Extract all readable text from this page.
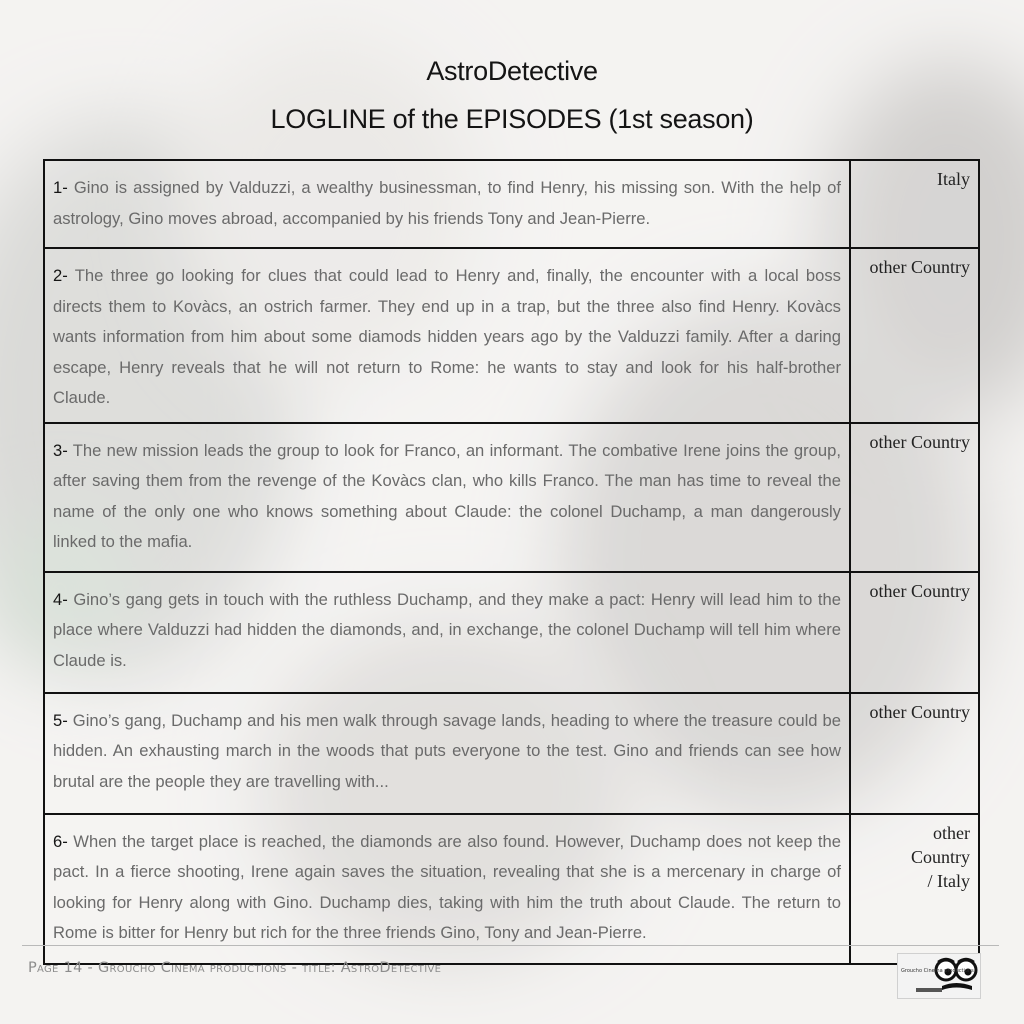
AstroDetective
LOGLINE of the EPISODES (1st season)
1- Gino is assigned by Valduzzi, a wealthy businessman, to find Henry, his missing son. With the help of astrology, Gino moves abroad, accompanied by his friends Tony and Jean-Pierre.	Italy
2- The three go looking for clues that could lead to Henry and, finally, the encounter with a local boss directs them to Kovàcs, an ostrich farmer. They end up in a trap, but the three also find Henry. Kovàcs wants information from him about some diamods hidden years ago by the Valduzzi family. After a daring escape, Henry reveals that he will not return to Rome: he wants to stay and look for his half-brother Claude.	other Country
3- The new mission leads the group to look for Franco, an informant. The combative Irene joins the group, after saving them from the revenge of the Kovàcs clan, who kills Franco. The man has time to reveal the name of the only one who knows something about Claude: the colonel Duchamp, a man dangerously linked to the mafia.	other Country
4- Gino’s gang gets in touch with the ruthless Duchamp, and they make a pact: Henry will lead him to the place where Valduzzi had hidden the diamonds, and, in exchange, the colonel Duchamp will tell him where Claude is.	other Country
5- Gino’s gang, Duchamp and his men walk through savage lands, heading to where the treasure could be hidden. An exhausting march in the woods that puts everyone to the test. Gino and friends can see how brutal are the people they are travelling with...	other Country
6- When the target place is reached, the diamonds are also found. However, Duchamp does not keep the pact. In a fierce shooting, Irene again saves the situation, revealing that she is a mercenary in charge of looking for Henry along with Gino. Duchamp dies, taking with him the truth about Claude. The return to Rome is bitter for Henry but rich for the three friends Gino, Tony and Jean-Pierre.	other Country / Italy
Page 14 - Groucho Cinema productions - title: AstroDetective	Groucho Cinema productions
